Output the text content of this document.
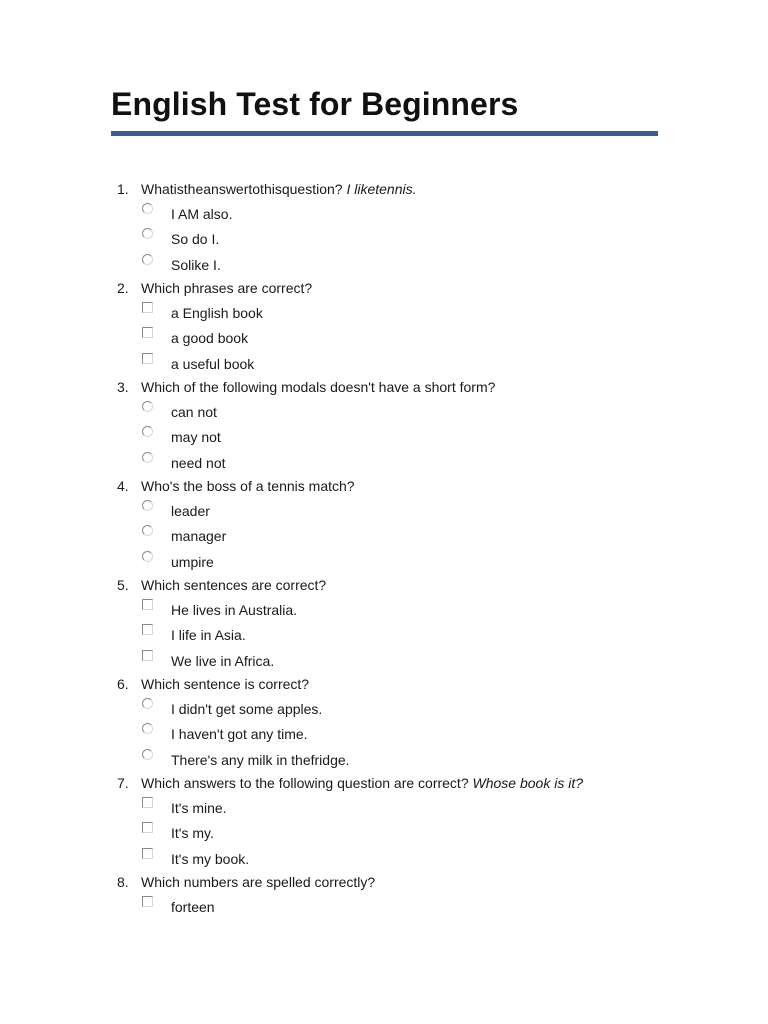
English Test for Beginners
1. Whatistheanswertothisquestion? I liketennis.
I AM also.
So do I.
Solike I.
2. Which phrases are correct?
a English book
a good book
a useful book
3. Which of the following modals doesn't have a short form?
can not
may not
need not
4. Who's the boss of a tennis match?
leader
manager
umpire
5. Which sentences are correct?
He lives in Australia.
I life in Asia.
We live in Africa.
6. Which sentence is correct?
I didn't get some apples.
I haven't got any time.
There's any milk in thefridge.
7. Which answers to the following question are correct? Whose book is it?
It's mine.
It's my.
It's my book.
8. Which numbers are spelled correctly?
forteen
